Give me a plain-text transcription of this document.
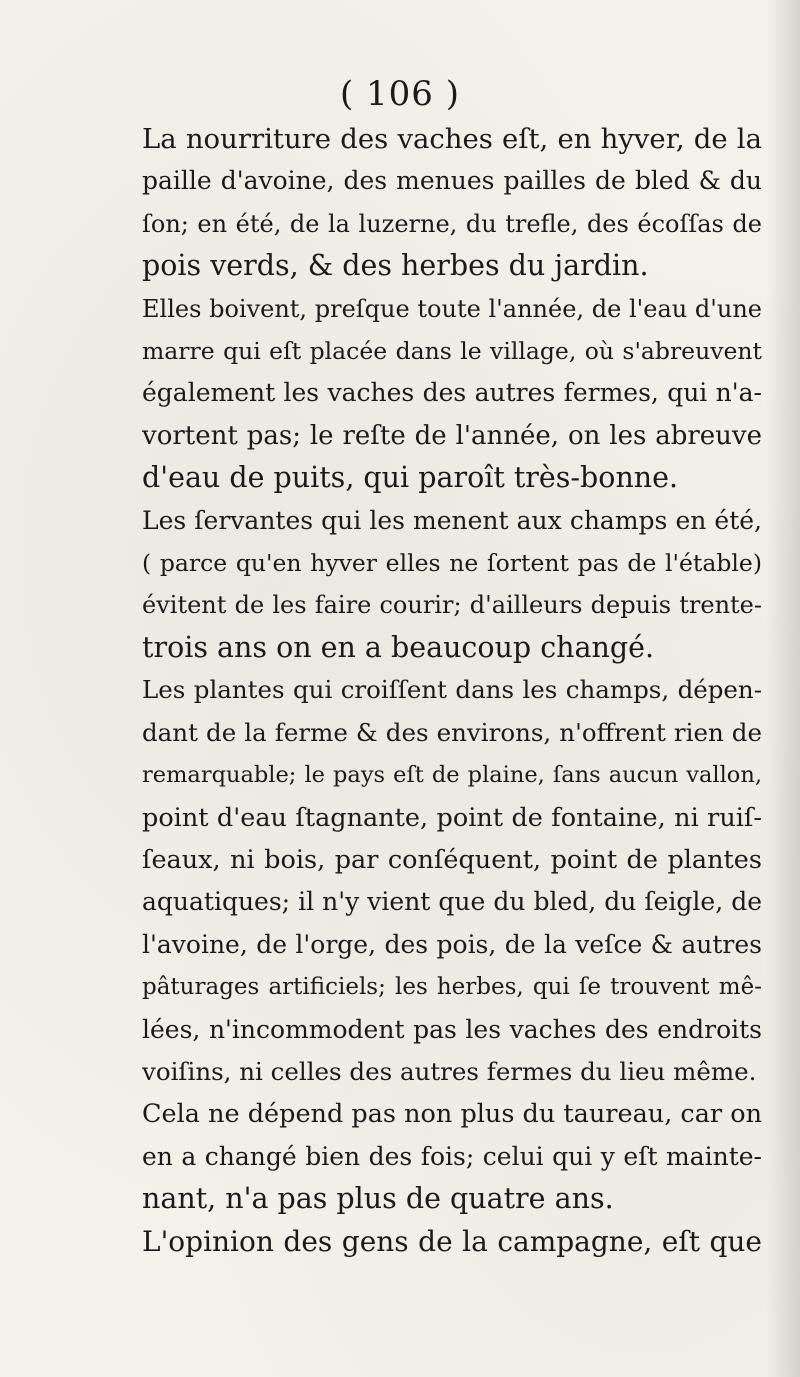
( 106 )

La nourriture des vaches eſt, en hyver, de la
paille d'avoine, des menues pailles de bled & du
ſon; en été, de la luzerne, du trefle, des écoſſas de
pois verds, & des herbes du jardin.

Elles boivent, preſque toute l'année, de l'eau d'une
marre qui eſt placée dans le village, où s'abreuvent
également les vaches des autres fermes, qui n'a-
vortent pas; le reſte de l'année, on les abreuve
d'eau de puits, qui paroît très-bonne.

Les ſervantes qui les menent aux champs en été,
( parce qu'en hyver elles ne ſortent pas de l'étable)
évitent de les faire courir; d'ailleurs depuis trente-
trois ans on en a beaucoup changé.

Les plantes qui croiſſent dans les champs, dépen-
dant de la ferme & des environs, n'offrent rien de
remarquable; le pays eſt de plaine, ſans aucun vallon,
point d'eau ſtagnante, point de fontaine, ni ruiſ-
ſeaux, ni bois, par conſéquent, point de plantes
aquatiques; il n'y vient que du bled, du ſeigle, de
l'avoine, de l'orge, des pois, de la veſce & autres
pâturages artificiels; les herbes, qui ſe trouvent mê-
lées, n'incommodent pas les vaches des endroits
voiſins, ni celles des autres fermes du lieu même.

Cela ne dépend pas non plus du taureau, car on
en a changé bien des fois; celui qui y eſt mainte-
nant, n'a pas plus de quatre ans.

L'opinion des gens de la campagne, eſt que
